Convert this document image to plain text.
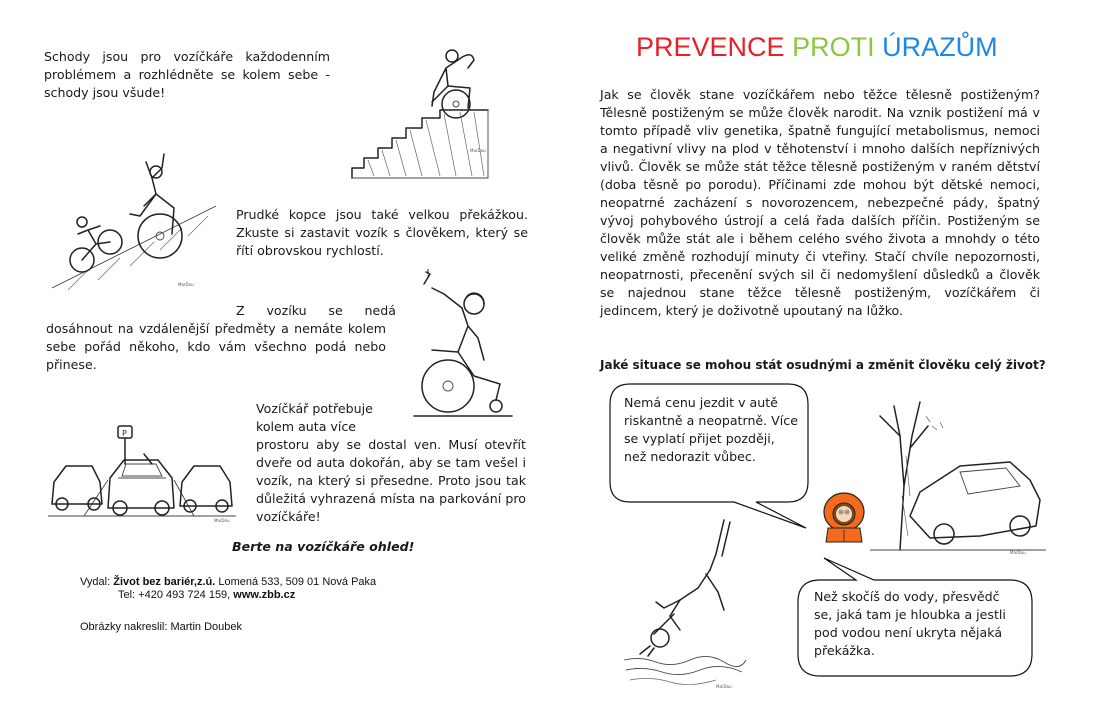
Schody jsou pro vozíčkáře každodenním problémem a rozhlédněte se kolem sebe - schody jsou všude!
MarDou
MarDou
Prudké kopce jsou také velkou překážkou. Zkuste si zastavit vozík s člověkem, který se řítí obrovskou rychlostí.
Z vozíku se nedá
dosáhnout na vzdálenější předměty a nemáte kolem sebe pořád někoho, kdo vám všechno podá nebo přinese.
!
Vozíčkář potřebuje kolem auta více
prostoru aby se dostal ven. Musí otevřít dveře od auta dokořán, aby se tam vešel i vozík, na který si přesedne. Proto jsou tak důležitá vyhrazená místa na parkování pro vozíčkáře!
Berte na vozíčkáře ohled!
P
MarDou
Vydal: Život bez bariér,z.ú. Lomená 533, 509 01 Nová Paka
Tel: +420 493 724 159, www.zbb.cz
Obrázky nakreslil: Martin Doubek
PREVENCE PROTI ÚRAZŮM
Jak se člověk stane vozíčkářem nebo těžce tělesně postiženým? Tělesně postiženým se může člověk narodit. Na vznik postižení má v tomto případě vliv genetika, špatně fungující metabolismus, nemoci a negativní vlivy na plod v těhotenství i mnoho dalších nepříznivých vlivů. Člověk se může stát těžce tělesně postiženým v raném dětství (doba těsně po porodu). Příčinami zde mohou být dětské nemoci, neopatrné zacházení s novorozencem, nebezpečné pády, špatný vývoj pohybového ústrojí a celá řada dalších příčin. Postiženým se člověk může stát ale i během celého svého života a mnohdy o této veliké změně rozhodují minuty či vteřiny. Stačí chvíle nepozornosti, neopatrnosti, přecenění svých sil či nedomyšlení důsledků a člověk se najednou stane těžce tělesně postiženým, vozíčkářem či jedincem, který je doživotně upoutaný na lůžko.
Jaké situace se mohou stát osudnými a změnit člověku celý život?
Nemá cenu jezdit v autě riskantně a neopatrně. Více se vyplatí přijet později, než nedorazit vůbec.
MarDou
MarDou
Než skočíš do vody, přesvědč se, jaká tam je hloubka a jestli pod vodou není ukryta nějaká překážka.
